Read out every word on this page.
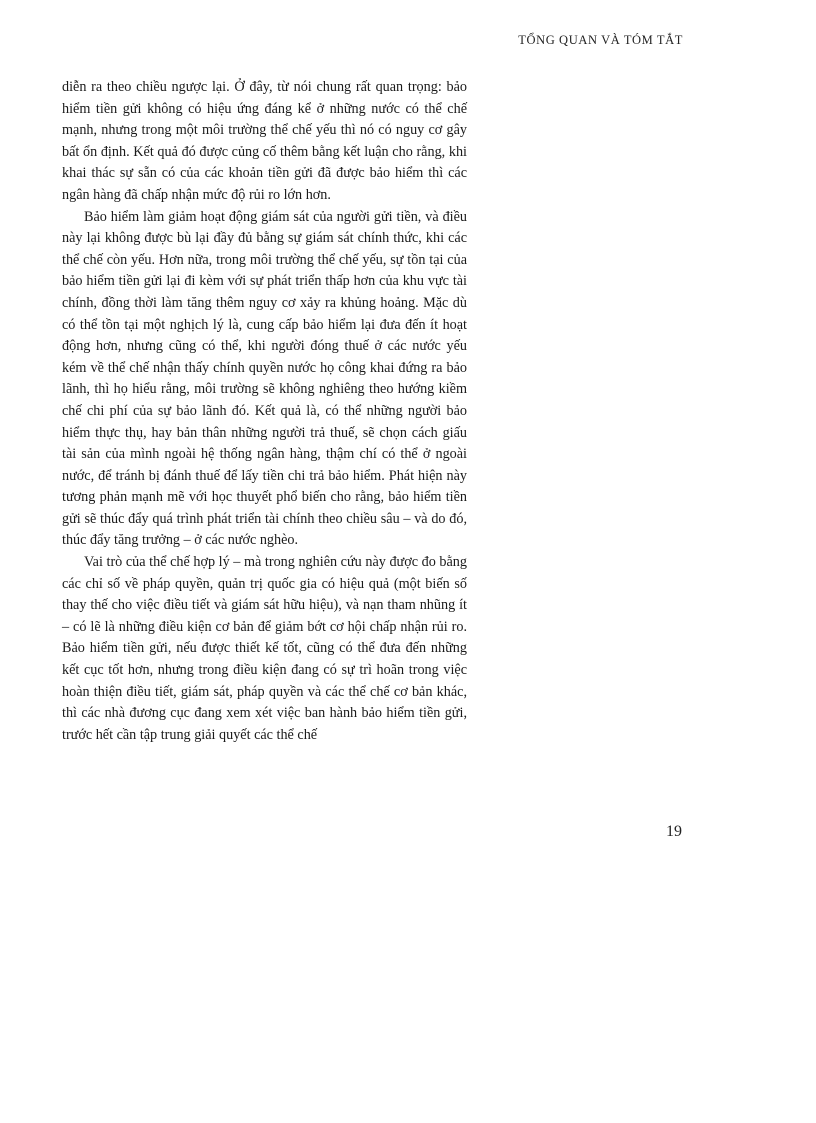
TỔNG QUAN VÀ TÓM TẮT

diễn ra theo chiều ngược lại. Ở đây, từ nói chung rất quan trọng: bảo hiểm tiền gửi không có hiệu ứng đáng kể ở những nước có thể chế mạnh, nhưng trong một môi trường thể chế yếu thì nó có nguy cơ gây bất ổn định. Kết quả đó được củng cố thêm bằng kết luận cho rằng, khi khai thác sự sẵn có của các khoản tiền gửi đã được bảo hiểm thì các ngân hàng đã chấp nhận mức độ rủi ro lớn hơn.

Bảo hiểm làm giảm hoạt động giám sát của người gửi tiền, và điều này lại không được bù lại đầy đủ bằng sự giám sát chính thức, khi các thể chế còn yếu. Hơn nữa, trong môi trường thể chế yếu, sự tồn tại của bảo hiểm tiền gửi lại đi kèm với sự phát triển thấp hơn của khu vực tài chính, đồng thời làm tăng thêm nguy cơ xảy ra khủng hoảng. Mặc dù có thể tồn tại một nghịch lý là, cung cấp bảo hiểm lại đưa đến ít hoạt động hơn, nhưng cũng có thể, khi người đóng thuế ở các nước yếu kém về thể chế nhận thấy chính quyền nước họ công khai đứng ra bảo lãnh, thì họ hiểu rằng, môi trường sẽ không nghiêng theo hướng kiềm chế chi phí của sự bảo lãnh đó. Kết quả là, có thể những người bảo hiểm thực thụ, hay bản thân những người trả thuế, sẽ chọn cách giấu tài sản của mình ngoài hệ thống ngân hàng, thậm chí có thể ở ngoài nước, để tránh bị đánh thuế để lấy tiền chi trả bảo hiểm. Phát hiện này tương phản mạnh mẽ với học thuyết phổ biến cho rằng, bảo hiểm tiền gửi sẽ thúc đẩy quá trình phát triển tài chính theo chiều sâu – và do đó, thúc đẩy tăng trưởng – ở các nước nghèo.

Vai trò của thể chế hợp lý – mà trong nghiên cứu này được đo bằng các chỉ số về pháp quyền, quản trị quốc gia có hiệu quả (một biến số thay thế cho việc điều tiết và giám sát hữu hiệu), và nạn tham nhũng ít – có lẽ là những điều kiện cơ bản để giảm bớt cơ hội chấp nhận rủi ro. Bảo hiểm tiền gửi, nếu được thiết kế tốt, cũng có thể đưa đến những kết cục tốt hơn, nhưng trong điều kiện đang có sự trì hoãn trong việc hoàn thiện điều tiết, giám sát, pháp quyền và các thể chế cơ bản khác, thì các nhà đương cục đang xem xét việc ban hành bảo hiểm tiền gửi, trước hết cần tập trung giải quyết các thể chế

19
